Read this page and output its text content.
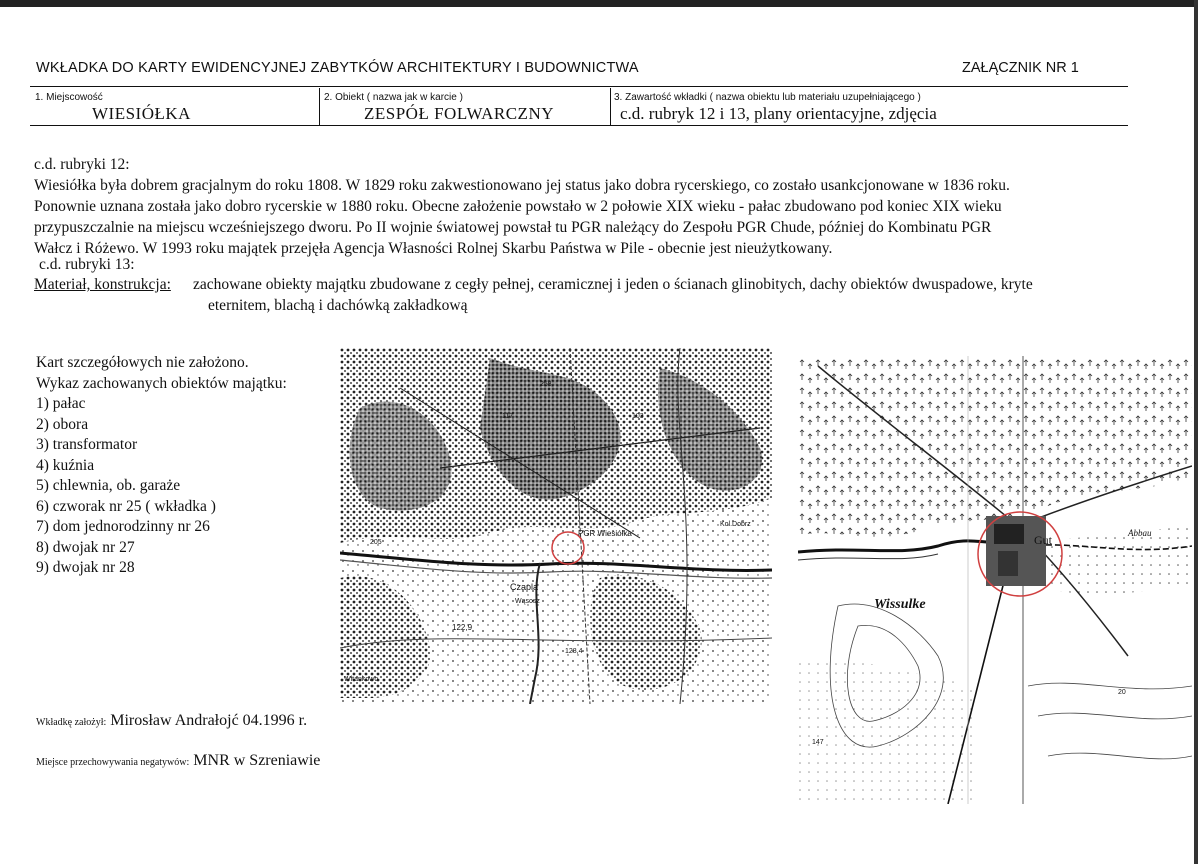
WKŁADKA DO KARTY EWIDENCYJNEJ ZABYTKÓW ARCHITEKTURY I BUDOWNICTWA	ZAŁĄCZNIK NR 1
1. Miejscowość
WIESIÓŁKA
2. Obiekt ( nazwa jak w karcie )
ZESPÓŁ FOLWARCZNY
3. Zawartość wkładki ( nazwa obiektu lub materiału uzupełniającego )
c.d. rubryk 12 i 13, plany orientacyjne, zdjęcia
c.d. rubryki 12:
Wiesiółka była dobrem gracjalnym do roku 1808. W 1829 roku zakwestionowano jej status jako dobra rycerskiego, co zostało usankcjonowane w 1836 roku.
Ponownie uznana została jako dobro rycerskie w 1880 roku. Obecne założenie powstało w 2 połowie XIX wieku - pałac zbudowano pod koniec XIX wieku
przypuszczalnie na miejscu wcześniejszego dworu. Po II wojnie światowej powstał tu PGR należący do Zespołu PGR Chude, później do Kombinatu PGR
Wałcz i Różewo. W 1993 roku majątek przejęła Agencja Własności Rolnej Skarbu Państwa w Pile - obecnie jest nieużytkowany.
c.d. rubryki 13:
Materiał, konstrukcja: zachowane obiekty majątku zbudowane z cegły pełnej, ceramicznej i jeden o ścianach glinobitych, dachy obiektów dwuspadowe, kryte
eternitem, blachą i dachówką zakładkową
Kart szczegółowych nie założono.
Wykaz zachowanych obiektów majątku:
1) pałac
2) obora
3) transformator
4) kuźnia
5) chlewnia, ob. garaże
6) czworak nr 25 ( wkładka )
7) dom jednorodzinny nr 26
8) dwojak nr 27
9) dwojak nr 28
Wkładkę założył: Mirosław Andrałojć 04.1996 r.
Miejsce przechowywania negatywów: MNR w Szreniawie
PGR Wiesiółka
Czapla
Wąsosz
Kol.Dobrz
Witankowo
122,9
258
103
117
128,4
205
Wissulke
Gut	Abbau
147
20
